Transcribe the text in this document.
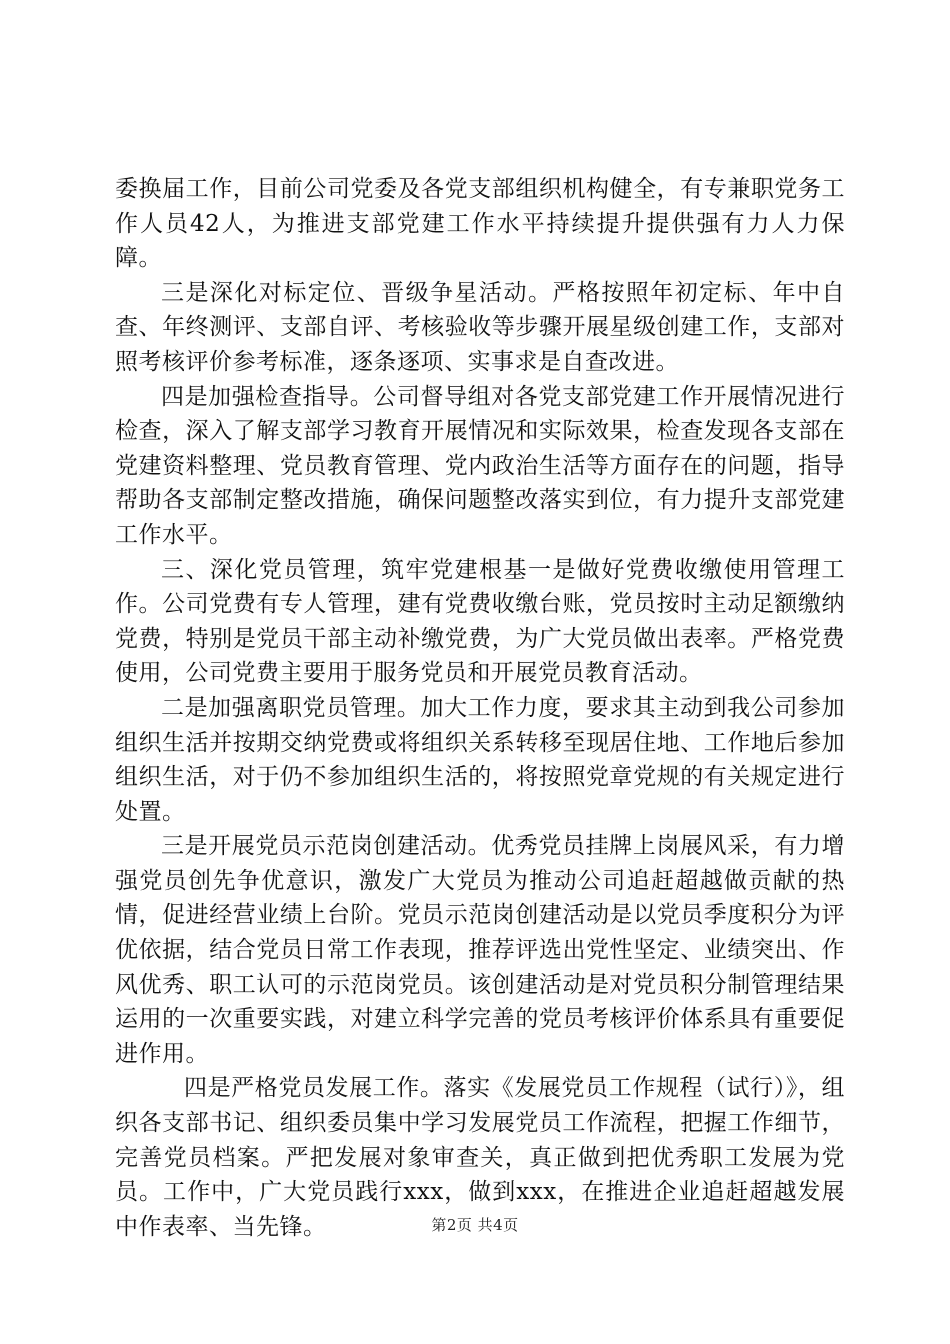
委换届工作，目前公司党委及各党支部组织机构健全，有专兼职党务工作人员42人，为推进支部党建工作水平持续提升提供强有力人力保障。

三是深化对标定位、晋级争星活动。严格按照年初定标、年中自查、年终测评、支部自评、考核验收等步骤开展星级创建工作，支部对照考核评价参考标准，逐条逐项、实事求是自查改进。

四是加强检查指导。公司督导组对各党支部党建工作开展情况进行检查，深入了解支部学习教育开展情况和实际效果，检查发现各支部在党建资料整理、党员教育管理、党内政治生活等方面存在的问题，指导帮助各支部制定整改措施，确保问题整改落实到位，有力提升支部党建工作水平。

三、深化党员管理，筑牢党建根基一是做好党费收缴使用管理工作。公司党费有专人管理，建有党费收缴台账，党员按时主动足额缴纳党费，特别是党员干部主动补缴党费，为广大党员做出表率。严格党费使用，公司党费主要用于服务党员和开展党员教育活动。

二是加强离职党员管理。加大工作力度，要求其主动到我公司参加组织生活并按期交纳党费或将组织关系转移至现居住地、工作地后参加组织生活，对于仍不参加组织生活的，将按照党章党规的有关规定进行处置。

三是开展党员示范岗创建活动。优秀党员挂牌上岗展风采，有力增强党员创先争优意识，激发广大党员为推动公司追赶超越做贡献的热情，促进经营业绩上台阶。党员示范岗创建活动是以党员季度积分为评优依据，结合党员日常工作表现，推荐评选出党性坚定、业绩突出、作风优秀、职工认可的示范岗党员。该创建活动是对党员积分制管理结果运用的一次重要实践，对建立科学完善的党员考核评价体系具有重要促进作用。

四是严格党员发展工作。落实《发展党员工作规程（试行）》，组织各支部书记、组织委员集中学习发展党员工作流程，把握工作细节，完善党员档案。严把发展对象审查关，真正做到把优秀职工发展为党员。工作中，广大党员践行xxx，做到xxx，在推进企业追赶超越发展中作表率、当先锋。	第2页 共4页
